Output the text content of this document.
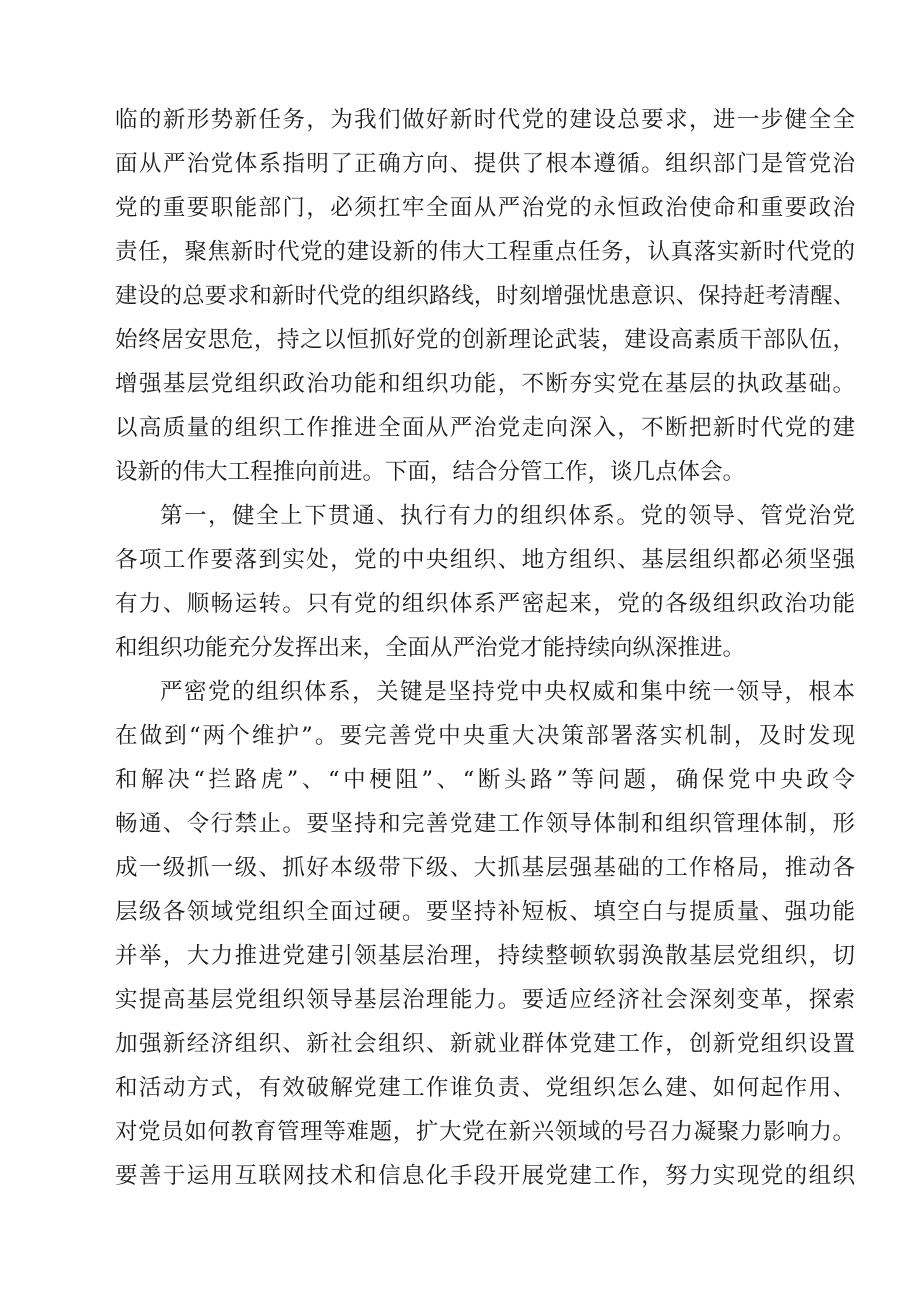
临的新形势新任务，为我们做好新时代党的建设总要求，进一步健全全
面从严治党体系指明了正确方向、提供了根本遵循。组织部门是管党治
党的重要职能部门，必须扛牢全面从严治党的永恒政治使命和重要政治
责任，聚焦新时代党的建设新的伟大工程重点任务，认真落实新时代党的
建设的总要求和新时代党的组织路线，时刻增强忧患意识、保持赶考清醒、
始终居安思危，持之以恒抓好党的创新理论武装，建设高素质干部队伍，
增强基层党组织政治功能和组织功能，不断夯实党在基层的执政基础。
以高质量的组织工作推进全面从严治党走向深入，不断把新时代党的建
设新的伟大工程推向前进。下面，结合分管工作，谈几点体会。
第一，健全上下贯通、执行有力的组织体系。党的领导、管党治党
各项工作要落到实处，党的中央组织、地方组织、基层组织都必须坚强
有力、顺畅运转。只有党的组织体系严密起来，党的各级组织政治功能
和组织功能充分发挥出来，全面从严治党才能持续向纵深推进。
严密党的组织体系，关键是坚持党中央权威和集中统一领导，根本
在做到“两个维护”。要完善党中央重大决策部署落实机制，及时发现
和解决“拦路虎”、“中梗阻”、“断头路”等问题，确保党中央政令
畅通、令行禁止。要坚持和完善党建工作领导体制和组织管理体制，形
成一级抓一级、抓好本级带下级、大抓基层强基础的工作格局，推动各
层级各领域党组织全面过硬。要坚持补短板、填空白与提质量、强功能
并举，大力推进党建引领基层治理，持续整顿软弱涣散基层党组织，切
实提高基层党组织领导基层治理能力。要适应经济社会深刻变革，探索
加强新经济组织、新社会组织、新就业群体党建工作，创新党组织设置
和活动方式，有效破解党建工作谁负责、党组织怎么建、如何起作用、
对党员如何教育管理等难题，扩大党在新兴领域的号召力凝聚力影响力。
要善于运用互联网技术和信息化手段开展党建工作，努力实现党的组织
